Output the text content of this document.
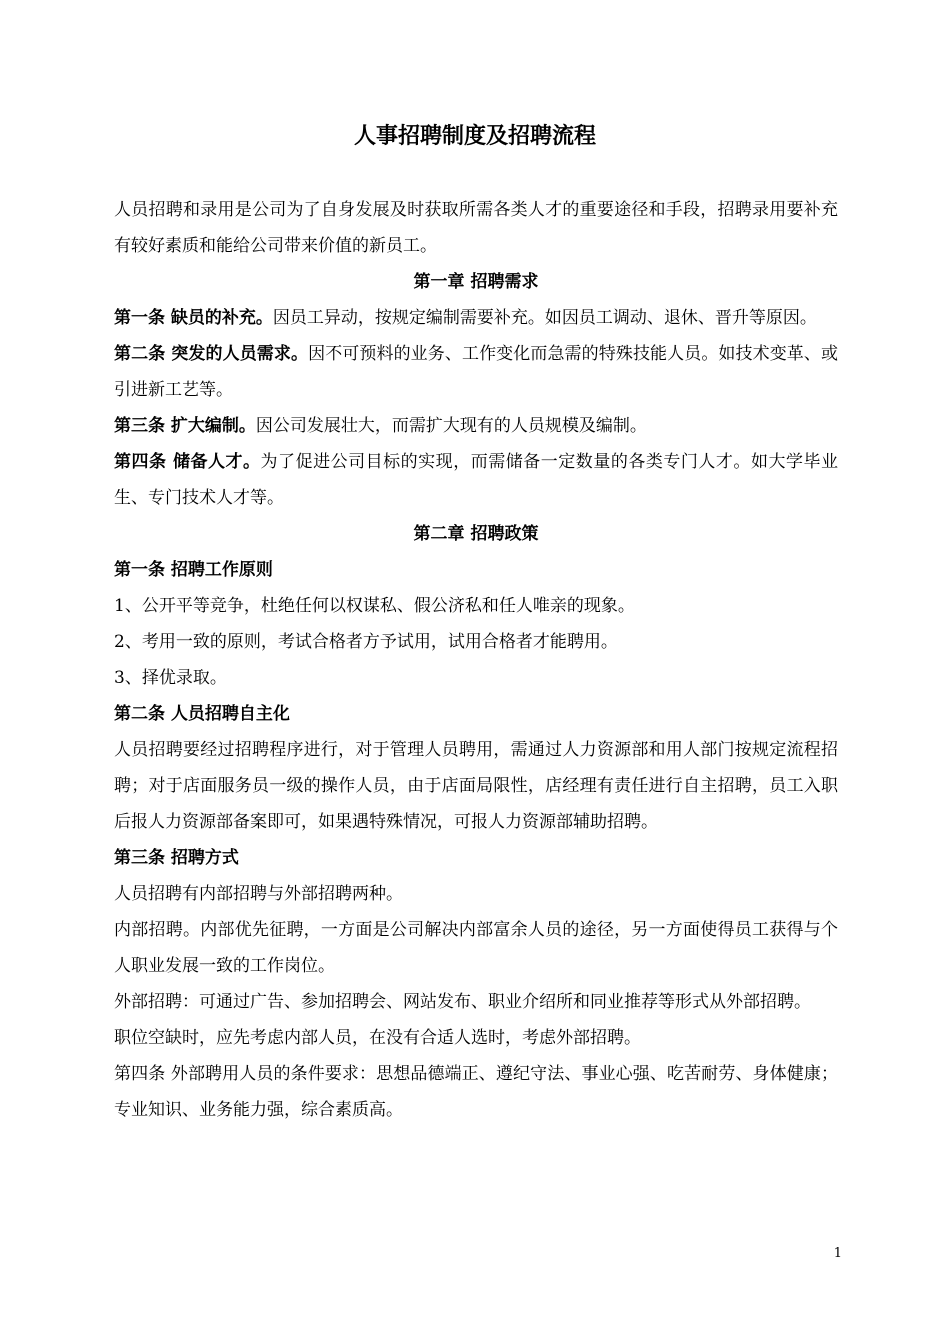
人事招聘制度及招聘流程

人员招聘和录用是公司为了自身发展及时获取所需各类人才的重要途径和手段，招聘录用要补充有较好素质和能给公司带来价值的新员工。

第一章 招聘需求

第一条 缺员的补充。因员工异动，按规定编制需要补充。如因员工调动、退休、晋升等原因。

第二条 突发的人员需求。因不可预料的业务、工作变化而急需的特殊技能人员。如技术变革、或引进新工艺等。

第三条 扩大编制。因公司发展壮大，而需扩大现有的人员规模及编制。

第四条 储备人才。为了促进公司目标的实现，而需储备一定数量的各类专门人才。如大学毕业生、专门技术人才等。

第二章 招聘政策

第一条 招聘工作原则

1、公开平等竞争，杜绝任何以权谋私、假公济私和任人唯亲的现象。

2、考用一致的原则，考试合格者方予试用，试用合格者才能聘用。

3、择优录取。

第二条 人员招聘自主化

人员招聘要经过招聘程序进行，对于管理人员聘用，需通过人力资源部和用人部门按规定流程招聘；对于店面服务员一级的操作人员，由于店面局限性，店经理有责任进行自主招聘，员工入职后报人力资源部备案即可，如果遇特殊情况，可报人力资源部辅助招聘。

第三条 招聘方式

人员招聘有内部招聘与外部招聘两种。

内部招聘。内部优先征聘，一方面是公司解决内部富余人员的途径，另一方面使得员工获得与个人职业发展一致的工作岗位。

外部招聘：可通过广告、参加招聘会、网站发布、职业介绍所和同业推荐等形式从外部招聘。

职位空缺时，应先考虑内部人员，在没有合适人选时，考虑外部招聘。

第四条 外部聘用人员的条件要求：思想品德端正、遵纪守法、事业心强、吃苦耐劳、身体健康；专业知识、业务能力强，综合素质高。

1
